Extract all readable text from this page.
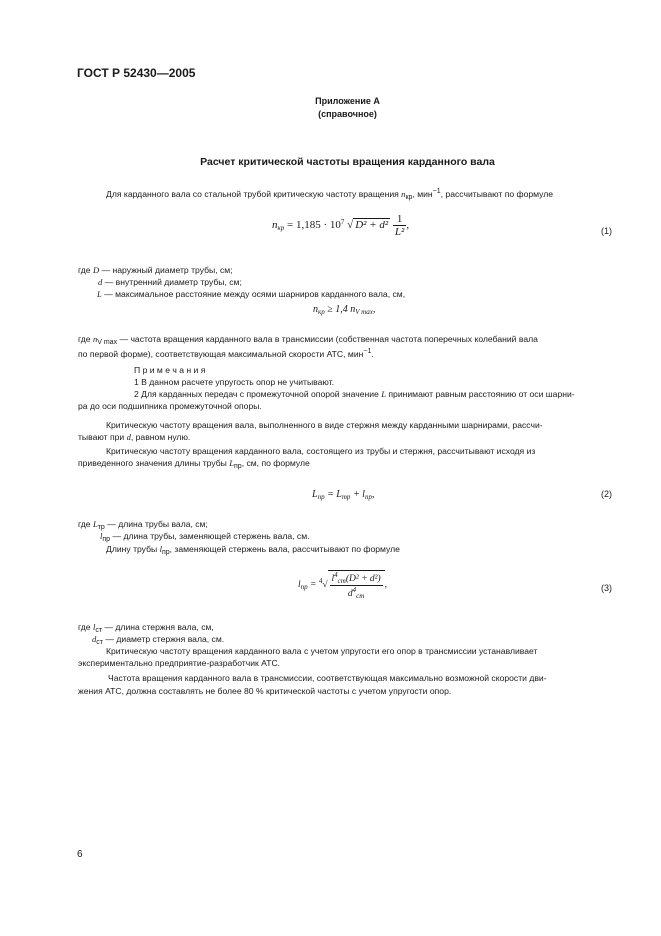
ГОСТ Р 52430—2005
Приложение А
(справочное)
Расчет критической частоты вращения карданного вала
Для карданного вала со стальной трубой критическую частоту вращения $n_{кр}$, мин$^{-1}$, рассчитывают по формуле
$n_{кр} = 1,185 \cdot 10^7$ √ $D^2 + d^2 \frac{1}{\text{L²}}$ ,	(1)
где D — наружный диаметр трубы, см;
d — внутренний диаметр трубы, см;
L — максимальное расстояние между осями шарниров карданного вала, см,
$n_{кр} \ge 1,4$ $n_{V max}$,
где $n_{V max}$ — частота вращения карданного вала в трансмиссии (собственная частота поперечных колебаний вала
по первой форме), соответствующая максимальной скорости АТС, мин$^{-1}$.
П р и м е ч а н и я
1 В данном расчете упругость опор не учитывают.
2 Для карданных передач с промежуточной опорой значение L принимают равным расстоянию от оси шарни-
ра до оси подшипника промежуточной опоры.
Критическую частоту вращения вала, выполненного в виде стержня между карданными шарнирами, рассчи-
тывают при d, равном нулю.
Критическую частоту вращения карданного вала, состоящего из трубы и стержня, рассчитывают исходя из
приведенного значения длины трубы $L_{пр}$, см, по формуле
$L_{пр} = L_{тр} + l_{пр}$,	(2)
где $L_{тр}$ — длина трубы вала, см;
$l_{пр}$ — длина трубы, заменяющей стержень вала, см.
Длину трубы $l_{пр}$, заменяющей стержень вала, рассчитывают по формуле
$l_{пр} = ^4√ \frac{l^4_{ст}(D^2 + d^2)}{d^4_{ст}}$ ,	(3)
где $l_{ст}$ — длина стержня вала, см,
$d_{ст}$ — диаметр стержня вала, см.
Критическую частоту вращения карданного вала с учетом упругости его опор в трансмиссии устанавливает
экспериментально предприятие-разработчик АТС.
Частота вращения карданного вала в трансмиссии, соответствующая максимально возможной скорости дви-
жения АТС, должна составлять не более 80 % критической частоты с учетом упругости опор.
6
